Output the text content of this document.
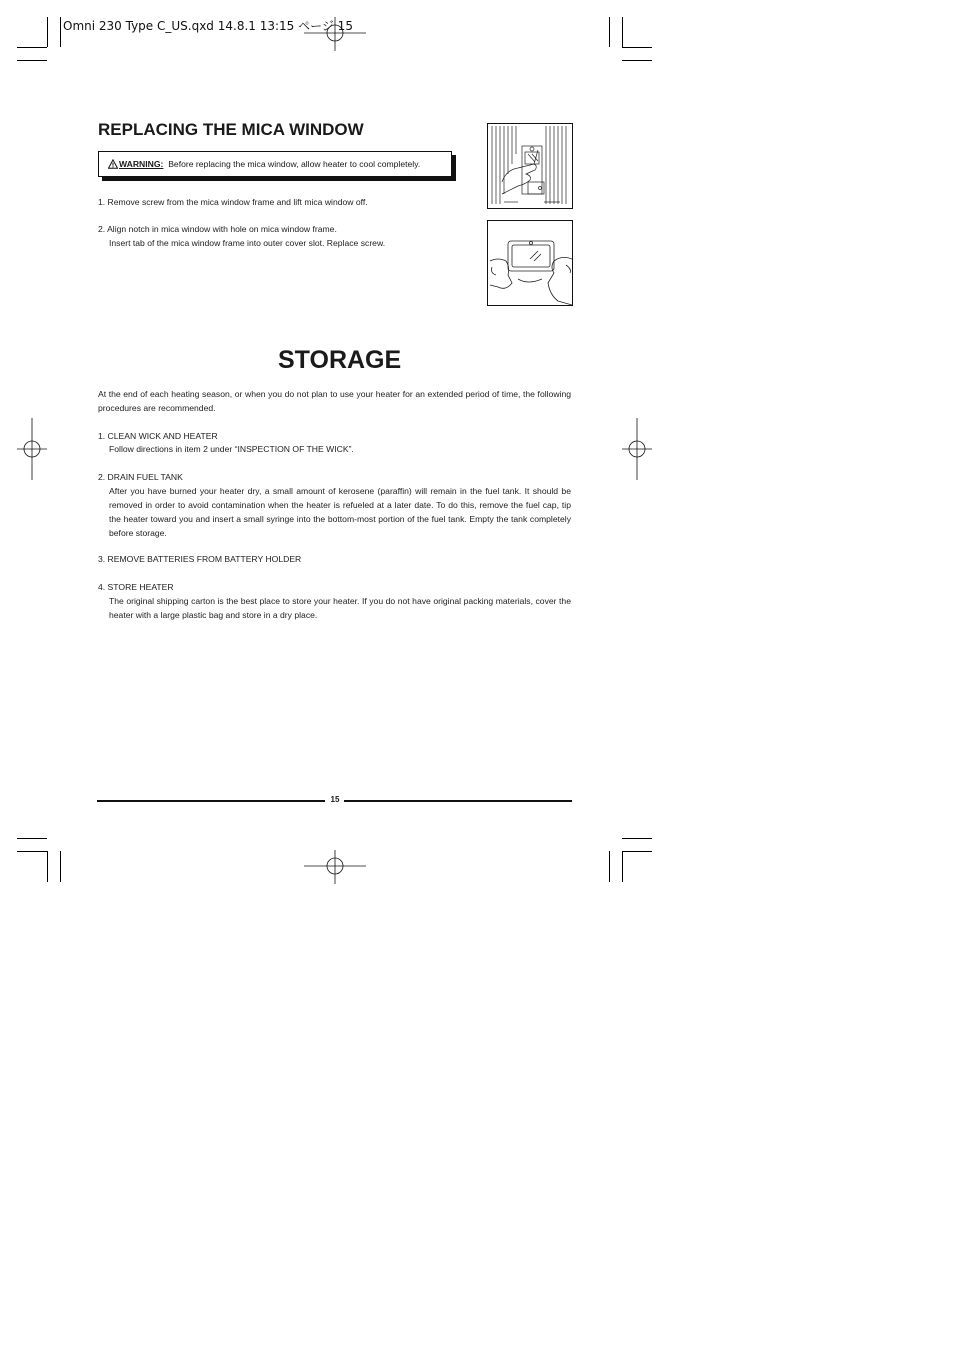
Omni 230 Type C_US.qxd 14.8.1 13:15 ページ 15
REPLACING THE MICA WINDOW
WARNING: Before replacing the mica window, allow heater to cool completely.
1. Remove screw from the mica window frame and lift mica window off.
2. Align notch in mica window with hole on mica window frame.
Insert tab of the mica window frame into outer cover slot. Replace screw.
STORAGE
At the end of each heating season, or when you do not plan to use your heater for an extended period of time, the following procedures are recommended.
1. CLEAN WICK AND HEATER
Follow directions in item 2 under “INSPECTION OF THE WICK”.
2. DRAIN FUEL TANK
After you have burned your heater dry, a small amount of kerosene (paraffin) will remain in the fuel tank. It should be removed in order to avoid contamination when the heater is refueled at a later date. To do this, remove the fuel cap, tip the heater toward you and insert a small syringe into the bottom-most portion of the fuel tank. Empty the tank completely before storage.
3. REMOVE BATTERIES FROM BATTERY HOLDER
4. STORE HEATER
The original shipping carton is the best place to store your heater. If you do not have original packing materials, cover the heater with a large plastic bag and store in a dry place.
15
